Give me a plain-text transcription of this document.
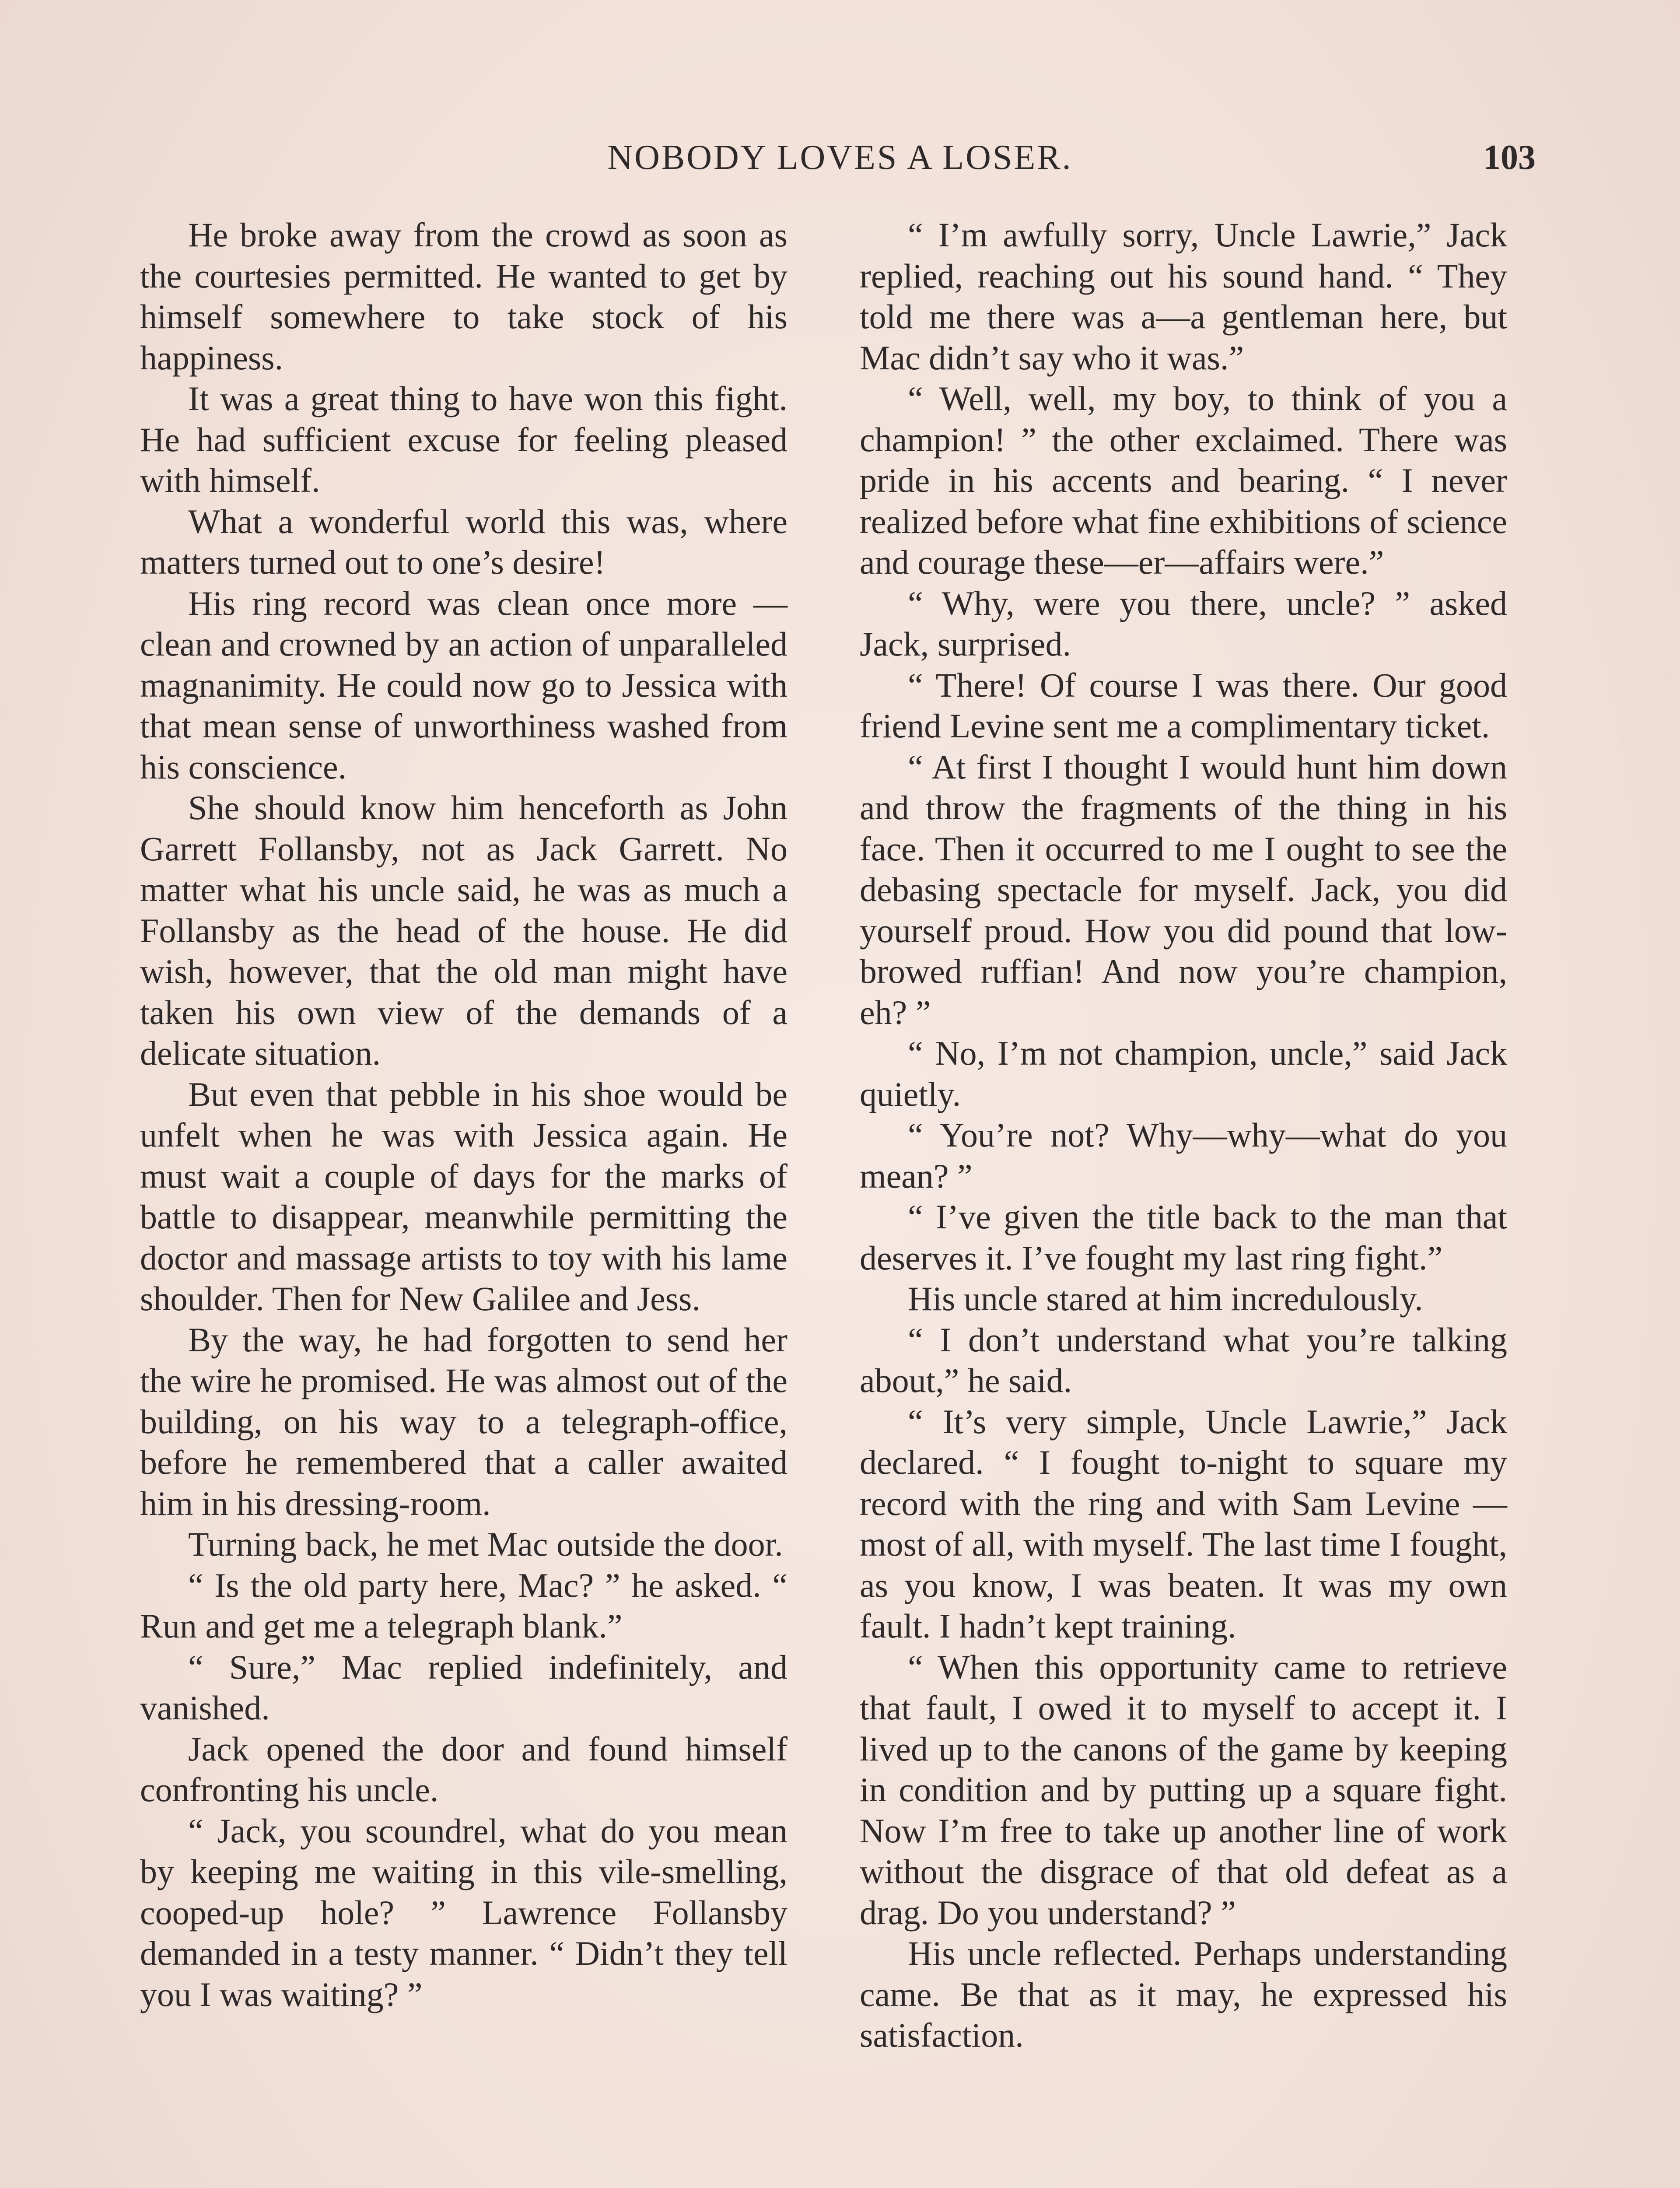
NOBODY LOVES A LOSER.	103

He broke away from the crowd as soon as the courtesies permitted. He wanted to get by himself somewhere to take stock of his happiness.

It was a great thing to have won this fight. He had sufficient excuse for feeling pleased with himself.

What a wonderful world this was, where matters turned out to one’s desire!

His ring record was clean once more —clean and crowned by an action of unparalleled magnanimity. He could now go to Jessica with that mean sense of unworthiness washed from his conscience.

She should know him henceforth as John Garrett Follansby, not as Jack Garrett. No matter what his uncle said, he was as much a Follansby as the head of the house. He did wish, however, that the old man might have taken his own view of the demands of a delicate situation.

But even that pebble in his shoe would be unfelt when he was with Jessica again. He must wait a couple of days for the marks of battle to disappear, meanwhile permitting the doctor and massage artists to toy with his lame shoulder. Then for New Galilee and Jess.

By the way, he had forgotten to send her the wire he promised. He was almost out of the building, on his way to a telegraph-office, before he remembered that a caller awaited him in his dressing-room.

Turning back, he met Mac outside the door.

“ Is the old party here, Mac? ” he asked. “ Run and get me a telegraph blank.”

“ Sure,” Mac replied indefinitely, and vanished.

Jack opened the door and found himself confronting his uncle.

“ Jack, you scoundrel, what do you mean by keeping me waiting in this vile-smelling, cooped-up hole? ” Lawrence Follansby demanded in a testy manner. “ Didn’t they tell you I was waiting? ”

“ I’m awfully sorry, Uncle Lawrie,” Jack replied, reaching out his sound hand. “ They told me there was a—a gentleman here, but Mac didn’t say who it was.”

“ Well, well, my boy, to think of you a champion! ” the other exclaimed. There was pride in his accents and bearing. “ I never realized before what fine exhibitions of science and courage these—er—affairs were.”

“ Why, were you there, uncle? ” asked Jack, surprised.

“ There! Of course I was there. Our good friend Levine sent me a complimentary ticket.

“ At first I thought I would hunt him down and throw the fragments of the thing in his face. Then it occurred to me I ought to see the debasing spectacle for myself. Jack, you did yourself proud. How you did pound that low-browed ruffian! And now you’re champion, eh? ”

“ No, I’m not champion, uncle,” said Jack quietly.

“ You’re not? Why—why—what do you mean? ”

“ I’ve given the title back to the man that deserves it. I’ve fought my last ring fight.”

His uncle stared at him incredulously.

“ I don’t understand what you’re talking about,” he said.

“ It’s very simple, Uncle Lawrie,” Jack declared. “ I fought to-night to square my record with the ring and with Sam Levine — most of all, with myself. The last time I fought, as you know, I was beaten. It was my own fault. I hadn’t kept training.

“ When this opportunity came to retrieve that fault, I owed it to myself to accept it. I lived up to the canons of the game by keeping in condition and by putting up a square fight. Now I’m free to take up another line of work without the disgrace of that old defeat as a drag. Do you understand? ”

His uncle reflected. Perhaps understanding came. Be that as it may, he expressed his satisfaction.
